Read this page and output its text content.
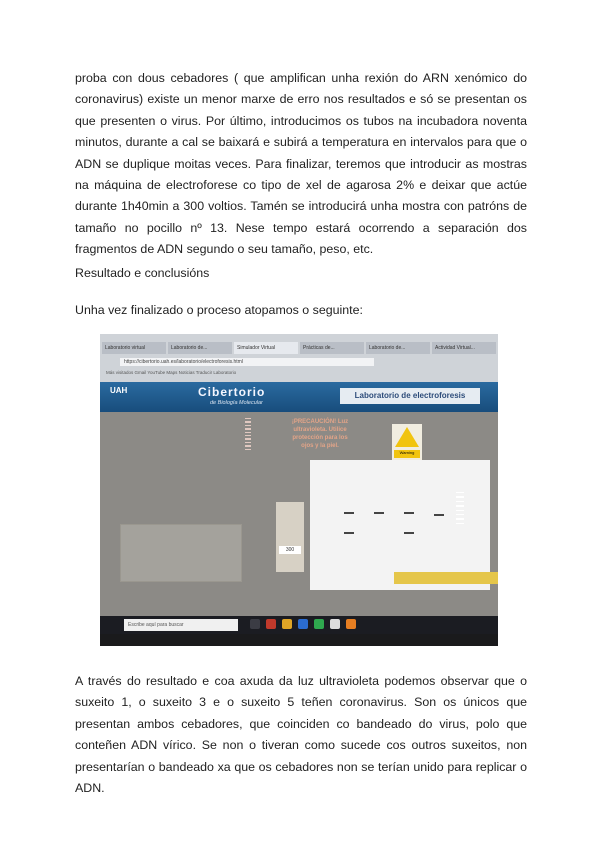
proba con dous cebadores ( que amplifican unha rexión do ARN xenómico do coronavirus) existe un menor marxe de erro nos resultados e só se presentan os que presenten o virus. Por último, introducimos os tubos na incubadora noventa minutos, durante a cal se baixará e subirá a temperatura en intervalos para que o ADN se duplique moitas veces. Para finalizar, teremos que introducir as mostras na máquina de electroforese co tipo de xel de agarosa 2% e deixar que actúe durante 1h40min a 300 voltios. Tamén se introducirá unha mostra con patróns de tamaño no pocillo nº 13. Nese tempo estará ocorrendo a separación dos fragmentos de ADN segundo o seu tamaño, peso, etc.

Resultado e conclusións

Unha vez finalizado o proceso atopamos o seguinte:

Laboratorio virtual	Laboratorio de...	Simulador Virtual	Prácticas de...	Laboratorio de...	Actividad Virtual...
https://cibertorio.uah.es/laboratorio/electroforesis.html
Más visitados Gmail YouTube Maps Noticias Traducir Laboratorio
UAH	Cibertorio
de Biología Molecular
Laboratorio de electroforesis
¡PRECAUCIÓN! Luz ultravioleta. Utilice protección para los ojos y la piel.
Warning
300
Escribe aquí para buscar

A través do resultado e coa axuda da luz ultravioleta podemos observar que o suxeito 1, o suxeito 3 e o suxeito 5 teñen coronavirus. Son os únicos que presentan ambos cebadores, que coinciden co bandeado do virus, polo que conteñen ADN vírico. Se non o tiveran como sucede cos outros suxeitos, non presentarían o bandeado xa que os cebadores non se terían unido para replicar o ADN.
